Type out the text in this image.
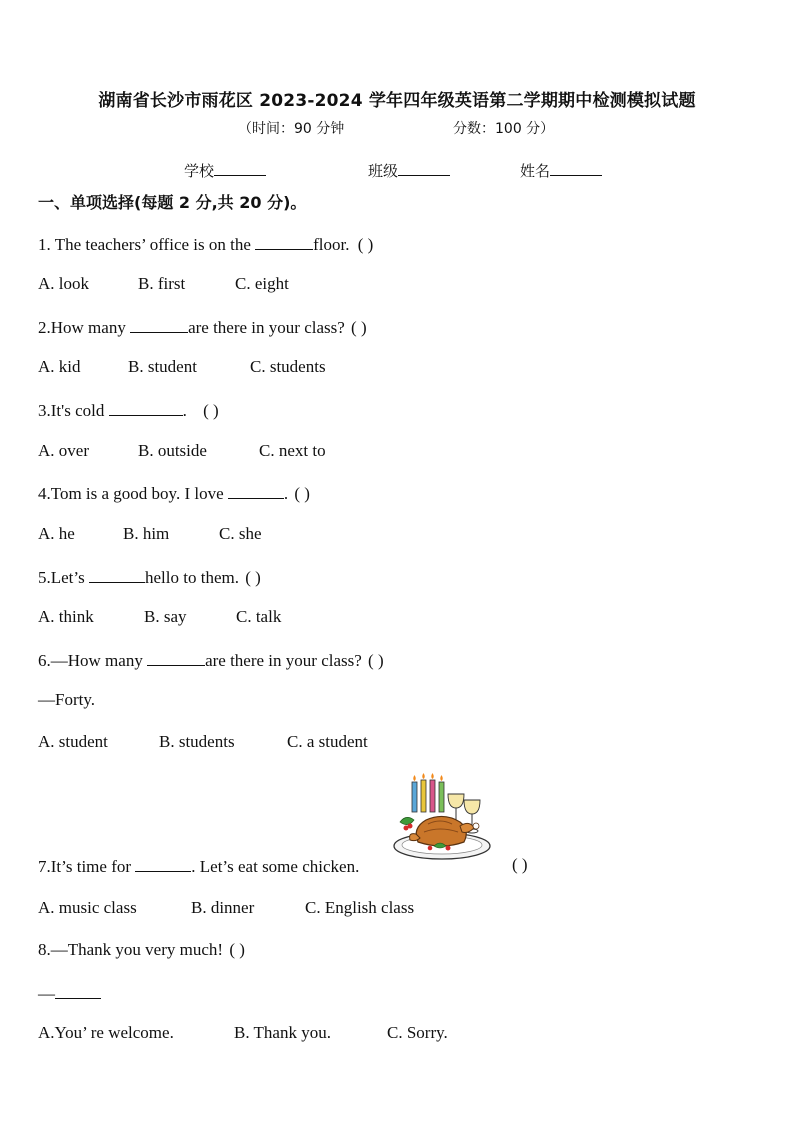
湖南省长沙市雨花区 2023-2024 学年四年级英语第二学期期中检测模拟试题
（时间：90 分钟	分数：100 分）
学校	班级	姓名
一、单项选择(每题 2 分,共 20 分)。
1. The teachers’ office is on the	floor. ( )
A. look	B. first	C. eight
2.How many	are there in your class? ( )
A. kid	B. student	C. students
3.It's cold	. ( )
A. over	B. outside	C. next to
4.Tom is a good boy. I love	. ( )
A. he	B. him	C. she
5.Let’s	hello to them. ( )
A. think	B. say	C. talk
6.—How many	are there in your class? ( )
—Forty.
A. student	B. students	C. a student
7.It’s time for	. Let’s eat some chicken.	( )
A. music class	B. dinner	C. English class
8.—Thank you very much! ( )
—
A.You’ re welcome.	B. Thank you.	C. Sorry.
